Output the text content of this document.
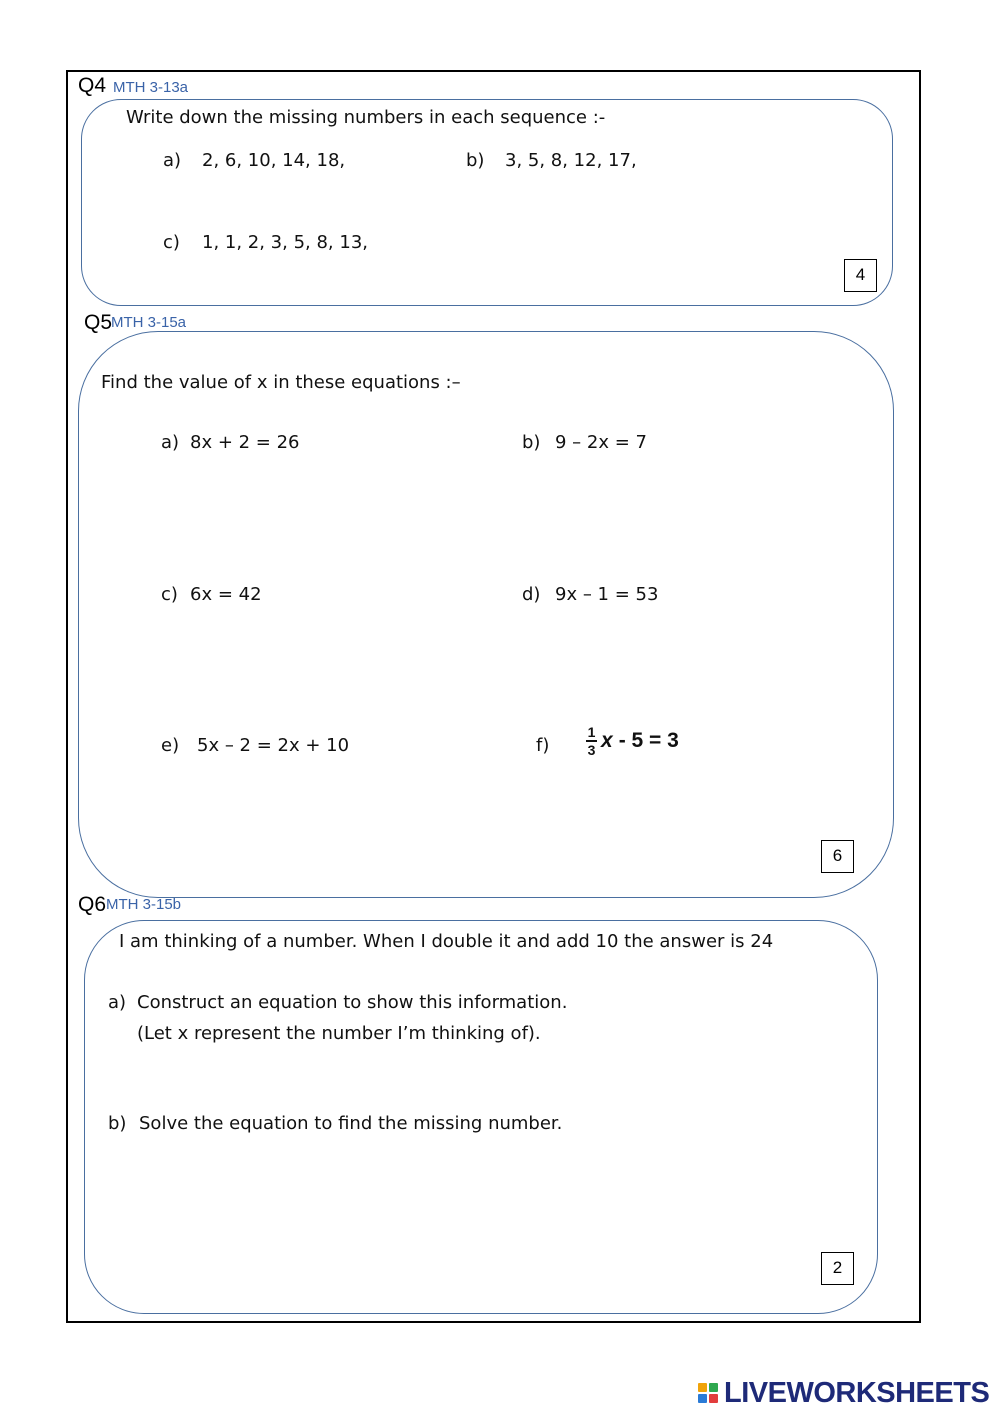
Q4 MTH 3-13a
Write down the missing numbers in each sequence :-
a) 2, 6, 10, 14, 18,	b) 3, 5, 8, 12, 17,
c) 1, 1, 2, 3, 5, 8, 13,
4
Q5
MTH 3-15a
Find the value of x in these equations :–
a) 8x + 2 = 26	b) 9 – 2x = 7
c) 6x = 42	d) 9x – 1 = 53
e) 5x – 2 = 2x + 10	f)
1
3 x - 5 = 3
6
Q6 MTH 3-15b
I am thinking of a number. When I double it and add 10 the answer is 24
a) Construct an equation to show this information.
(Let x represent the number I’m thinking of).
b) Solve the equation to find the missing number.
2
LIVEWORKSHEETS
